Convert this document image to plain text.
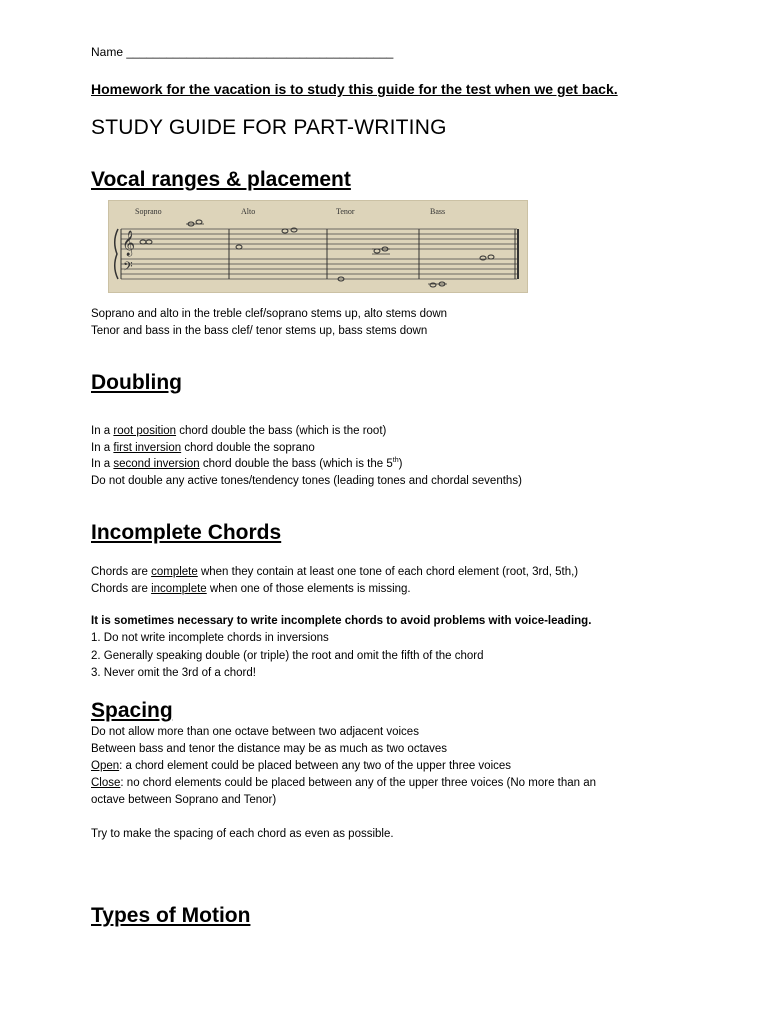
Name ________________________________________
Homework for the vacation is to study this guide for the test when we get back.
STUDY GUIDE FOR PART-WRITING
Vocal ranges & placement
Soprano	Alto	Tenor	Bass
𝄞
𝄢
Soprano and alto in the treble clef/soprano stems up, alto stems down
Tenor and bass in the bass clef/ tenor stems up, bass stems down
Doubling
In a root position chord double the bass (which is the root)
In a first inversion chord double the soprano
In a second inversion chord double the bass (which is the 5th)
Do not double any active tones/tendency tones (leading tones and chordal sevenths)
Incomplete Chords
Chords are complete when they contain at least one tone of each chord element (root, 3rd, 5th,)
Chords are incomplete when one of those elements is missing.
It is sometimes necessary to write incomplete chords to avoid problems with voice-leading.
1. Do not write incomplete chords in inversions
2. Generally speaking double (or triple) the root and omit the fifth of the chord
3. Never omit the 3rd of a chord!
Spacing
Do not allow more than one octave between two adjacent voices
Between bass and tenor the distance may be as much as two octaves
Open: a chord element could be placed between any two of the upper three voices
Close: no chord elements could be placed between any of the upper three voices (No more than an
octave between Soprano and Tenor)
Try to make the spacing of each chord as even as possible.
Types of Motion
